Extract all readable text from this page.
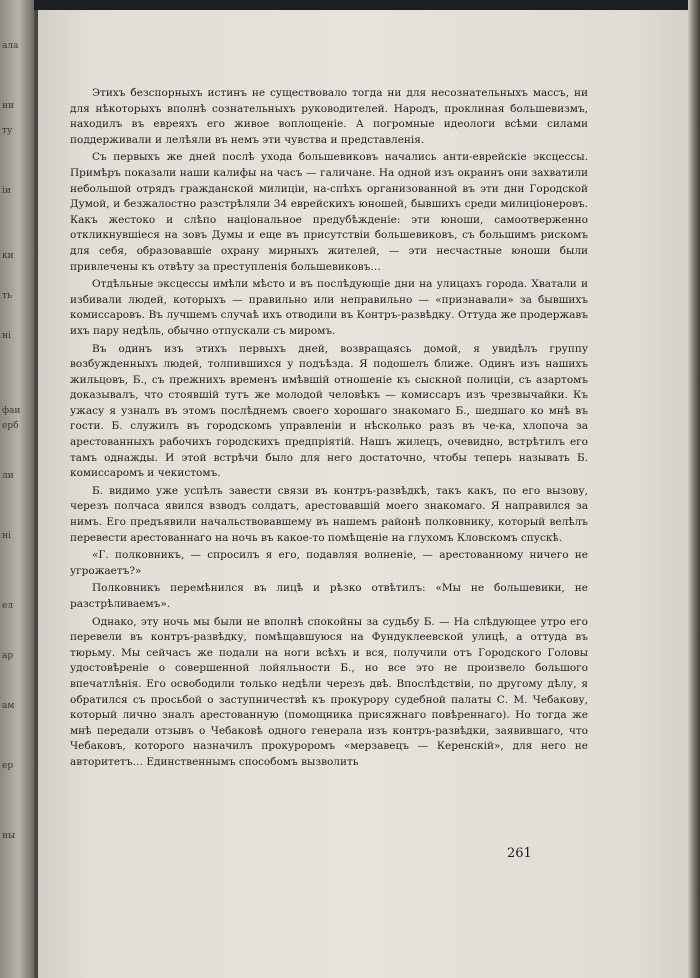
ала
ни
ту
іи
ки
ть
ні
фаи
ерб
ли
ні
ел
ар
ам
ер
ны

Этихъ безспорныхъ истинъ не существовало тогда ни для несознательныхъ массъ, ни для нѣкоторыхъ вполнѣ сознательныхъ руководителей. Народъ, проклиная большевизмъ, находилъ въ евреяхъ его живое воплощеніе. А погромные идеологи всѣми силами поддерживали и лелѣяли въ немъ эти чувства и представленія.

Съ первыхъ же дней послѣ ухода большевиковъ начались анти-еврейскіе эксцессы. Примѣръ показали наши калифы на часъ — галичане. На одной изъ окраинъ они захватили небольшой отрядъ гражданской милиціи, на-спѣхъ организованной въ эти дни Городской Думой, и безжалостно разстрѣляли 34 еврейскихъ юношей, бывшихъ среди милиціонеровъ. Какъ жестоко и слѣпо національное предубѣжденіе: эти юноши, самоотверженно откликнувшіеся на зовъ Думы и еще въ присутствіи большевиковъ, съ большимъ рискомъ для себя, образовавшіе охрану мирныхъ жителей, — эти несчастные юноши были привлечены къ отвѣту за преступленія большевиковъ…

Отдѣльные эксцессы имѣли мѣсто и въ послѣдующіе дни на улицахъ города. Хватали и избивали людей, которыхъ — правильно или неправильно — «признавали» за бывшихъ комиссаровъ. Въ лучшемъ случаѣ ихъ отводили въ Контръ-развѣдку. Оттуда же продержавъ ихъ пару недѣль, обычно отпускали съ миромъ.

Въ одинъ изъ этихъ первыхъ дней, возвращаясь домой, я увидѣлъ группу возбужденныхъ людей, толпившихся у подъѣзда. Я подошелъ ближе. Одинъ изъ нашихъ жильцовъ, Б., съ прежнихъ временъ имѣвшій отношеніе къ сыскной полиціи, съ азартомъ доказывалъ, что стоявшій тутъ же молодой человѣкъ — комиссаръ изъ чрезвычайки. Къ ужасу я узналъ въ этомъ послѣднемъ своего хорошаго знакомаго Б., шедшаго ко мнѣ въ гости. Б. служилъ въ городскомъ управленіи и нѣсколько разъ въ че-ка, хлопоча за арестованныхъ рабочихъ городскихъ предпріятій. Нашъ жилецъ, очевидно, встрѣтилъ его тамъ однажды. И этой встрѣчи было для него достаточно, чтобы теперь называть Б. комиссаромъ и чекистомъ.

Б. видимо уже успѣлъ завести связи въ контръ-развѣдкѣ, такъ какъ, по его вызову, черезъ полчаса явился взводъ солдатъ, арестовавшій моего знакомаго. Я направился за нимъ. Его предъявили начальствовавшему въ нашемъ районѣ полковнику, который велѣлъ перевести арестованнаго на ночь въ какое-то помѣщеніе на глухомъ Кловскомъ спускѣ.

«Г. полковникъ, — спросилъ я его, подавляя волненіе, — арестованному ничего не угрожаетъ?»

Полковникъ перемѣнился въ лицѣ и рѣзко отвѣтилъ: «Мы не большевики, не разстрѣливаемъ».

Однако, эту ночь мы были не вполнѣ спокойны за судьбу Б. — На слѣдующее утро его перевели въ контръ-развѣдку, помѣщавшуюся на Фундуклеевской улицѣ, а оттуда въ тюрьму. Мы сейчасъ же подали на ноги всѣхъ и вся, получили отъ Городского Головы удостовѣреніе о совершенной лойяльности Б., но все это не произвело большого впечатлѣнія. Его освободили только недѣли черезъ двѣ. Впослѣдствіи, по другому дѣлу, я обратился съ просьбой о заступничествѣ къ прокурору судебной палаты С. М. Чебакову, который лично зналъ арестованную (помощника присяжнаго повѣреннаго). Но тогда же мнѣ передали отзывъ о Чебаковѣ одного генерала изъ контръ-развѣдки, заявившаго, что Чебаковъ, которого назначилъ прокуроромъ «мерзавецъ — Керенскій», для него не авторитетъ… Единственнымъ способомъ вызволить

261
